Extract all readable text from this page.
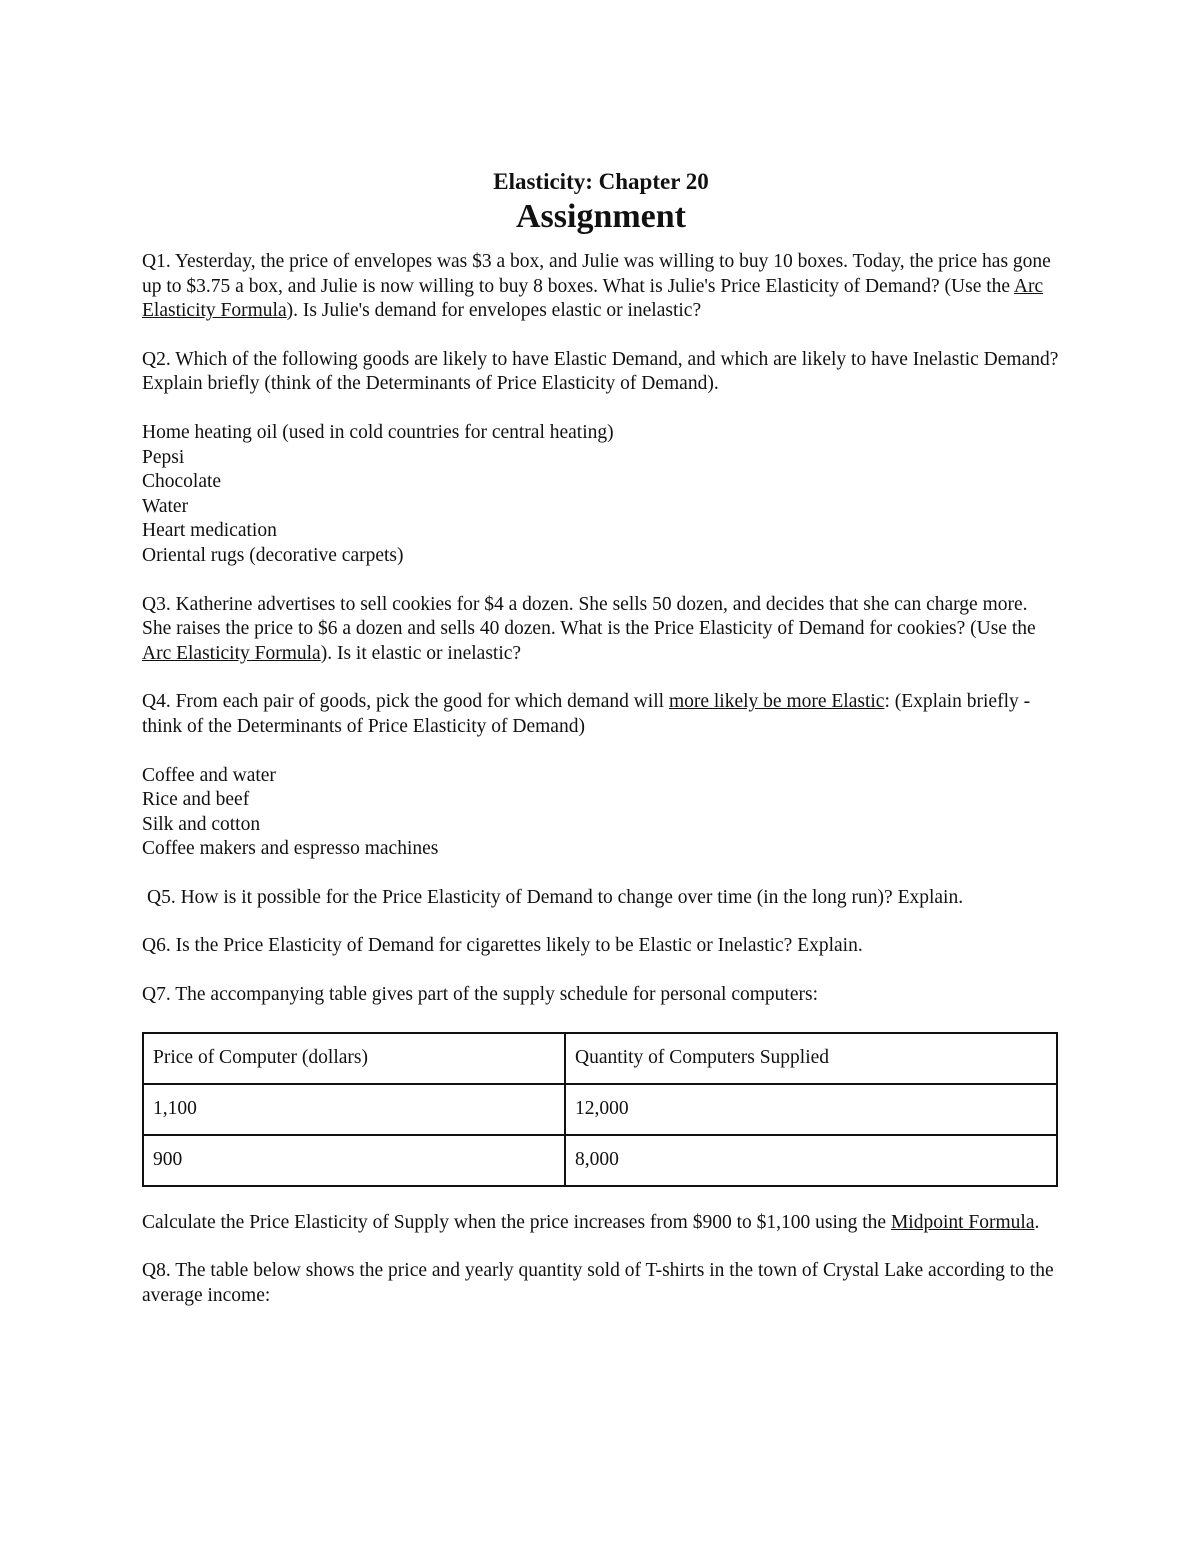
Elasticity: Chapter 20
Assignment

Q1. Yesterday, the price of envelopes was $3 a box, and Julie was willing to buy 10 boxes. Today, the price has gone up to $3.75 a box, and Julie is now willing to buy 8 boxes. What is Julie's Price Elasticity of Demand? (Use the Arc Elasticity Formula). Is Julie's demand for envelopes elastic or inelastic?

Q2. Which of the following goods are likely to have Elastic Demand, and which are likely to have Inelastic Demand? Explain briefly (think of the Determinants of Price Elasticity of Demand).

Home heating oil (used in cold countries for central heating)
Pepsi
Chocolate
Water
Heart medication
Oriental rugs (decorative carpets)

Q3. Katherine advertises to sell cookies for $4 a dozen. She sells 50 dozen, and decides that she can charge more. She raises the price to $6 a dozen and sells 40 dozen. What is the Price Elasticity of Demand for cookies? (Use the Arc Elasticity Formula). Is it elastic or inelastic?

Q4. From each pair of goods, pick the good for which demand will more likely be more Elastic: (Explain briefly - think of the Determinants of Price Elasticity of Demand)

Coffee and water
Rice and beef
Silk and cotton
Coffee makers and espresso machines

Q5. How is it possible for the Price Elasticity of Demand to change over time (in the long run)? Explain.

Q6. Is the Price Elasticity of Demand for cigarettes likely to be Elastic or Inelastic? Explain.

Q7. The accompanying table gives part of the supply schedule for personal computers:

Price of Computer (dollars)	Quantity of Computers Supplied
1,100	12,000
900	8,000

Calculate the Price Elasticity of Supply when the price increases from $900 to $1,100 using the Midpoint Formula.

Q8. The table below shows the price and yearly quantity sold of T-shirts in the town of Crystal Lake according to the average income:
